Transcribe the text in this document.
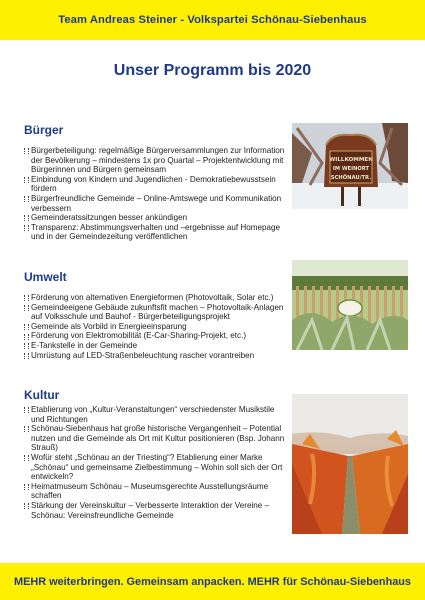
Team Andreas Steiner - Volkspartei Schönau-Siebenhaus
Unser Programm bis 2020
Bürger
Bürgerbeteiligung: regelmäßige Bürgerversammlungen zur Information der Bevölkerung – mindestens 1x pro Quartal – Projektentwicklung mit Bürgerinnen und Bürgern gemeinsam
Einbindung von Kindern und Jugendlichen - Demokratiebewusstsein fördern
Bürgerfreundliche Gemeinde – Online-Amtswege und Kommunikation verbessern
Gemeinderatssitzungen besser ankündigen
Transparenz: Abstimmungsverhalten und –ergebnisse auf Homepage und in der Gemeindezeitung veröffentlichen
WILLKOMMEN
IM WEINORT
SCHÖNAU/TR.
Umwelt
Förderung von alternativen Energieformen (Photovoltaik, Solar etc.)
Gemeindeeigene Gebäude zukunftsfit machen – Photovoltaik-Anlagen auf Volksschule und Bauhof - Bürgerbeteiligungsprojekt
Gemeinde als Vorbild in Energieeinsparung
Förderung von Elektromobilität (E-Car-Sharing-Projekt, etc.)
E-Tankstelle in der Gemeinde
Umrüstung auf LED-Straßenbeleuchtung rascher vorantreiben
Kultur
Etablierung von „Kultur-Veranstaltungen“ verschiedenster Musikstile und Richtungen
Schönau-Siebenhaus hat große historische Vergangenheit – Potential nutzen und die Gemeinde als Ort mit Kultur positionieren (Bsp. Johann Strauß)
Wofür steht „Schönau an der Triesting“? Etablierung einer Marke „Schönau“ und gemeinsame Zielbestimmung – Wohin soll sich der Ort entwickeln?
Heimatmuseum Schönau – Museumsgerechte Ausstellungsräume schaffen
Stärkung der Vereinskultur – Verbesserte Interaktion der Vereine – Schönau: Vereinsfreundliche Gemeinde
MEHR weiterbringen. Gemeinsam anpacken. MEHR für Schönau-Siebenhaus
